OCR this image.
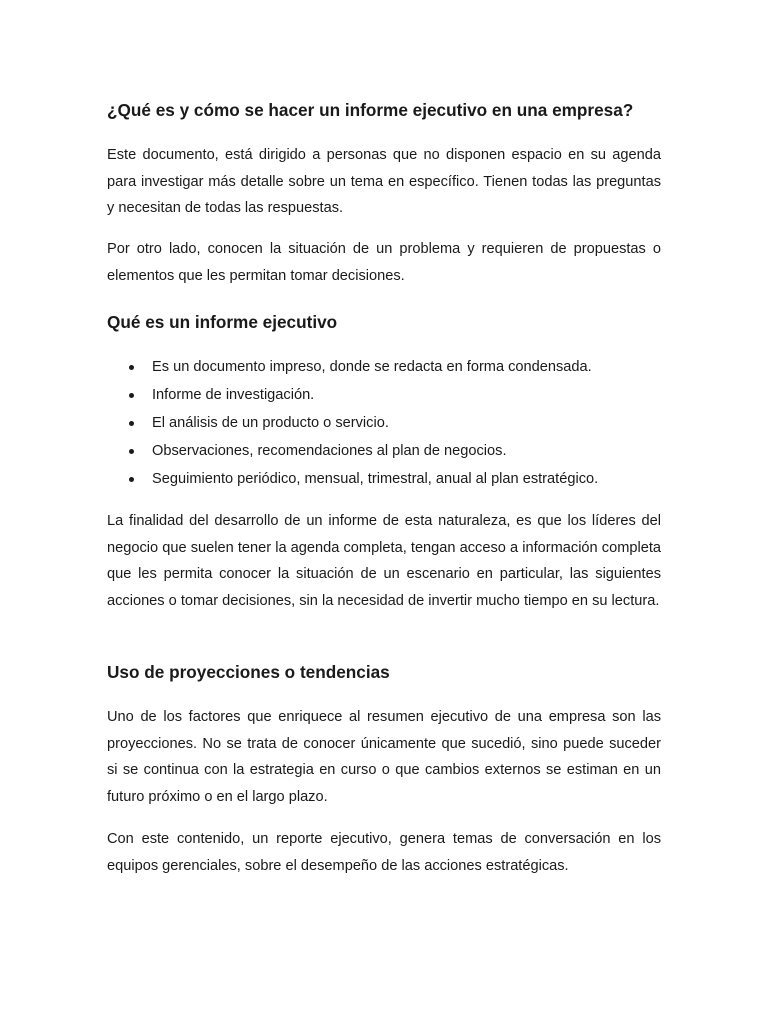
¿Qué es y cómo se hacer un informe ejecutivo en una empresa?

Este documento, está dirigido a personas que no disponen espacio en su agenda para investigar más detalle sobre un tema en específico. Tienen todas las preguntas y necesitan de todas las respuestas.

Por otro lado, conocen la situación de un problema y requieren de propuestas o elementos que les permitan tomar decisiones.

Qué es un informe ejecutivo
Es un documento impreso, donde se redacta en forma condensada.
Informe de investigación.
El análisis de un producto o servicio.
Observaciones, recomendaciones al plan de negocios.
Seguimiento periódico, mensual, trimestral, anual al plan estratégico.

La finalidad del desarrollo de un informe de esta naturaleza, es que los líderes del negocio que suelen tener la agenda completa, tengan acceso a información completa que les permita conocer la situación de un escenario en particular, las siguientes acciones o tomar decisiones, sin la necesidad de invertir mucho tiempo en su lectura.

Uso de proyecciones o tendencias

Uno de los factores que enriquece al resumen ejecutivo de una empresa son las proyecciones. No se trata de conocer únicamente que sucedió, sino puede suceder si se continua con la estrategia en curso o que cambios externos se estiman en un futuro próximo o en el largo plazo.

Con este contenido, un reporte ejecutivo, genera temas de conversación en los equipos gerenciales, sobre el desempeño de las acciones estratégicas.
